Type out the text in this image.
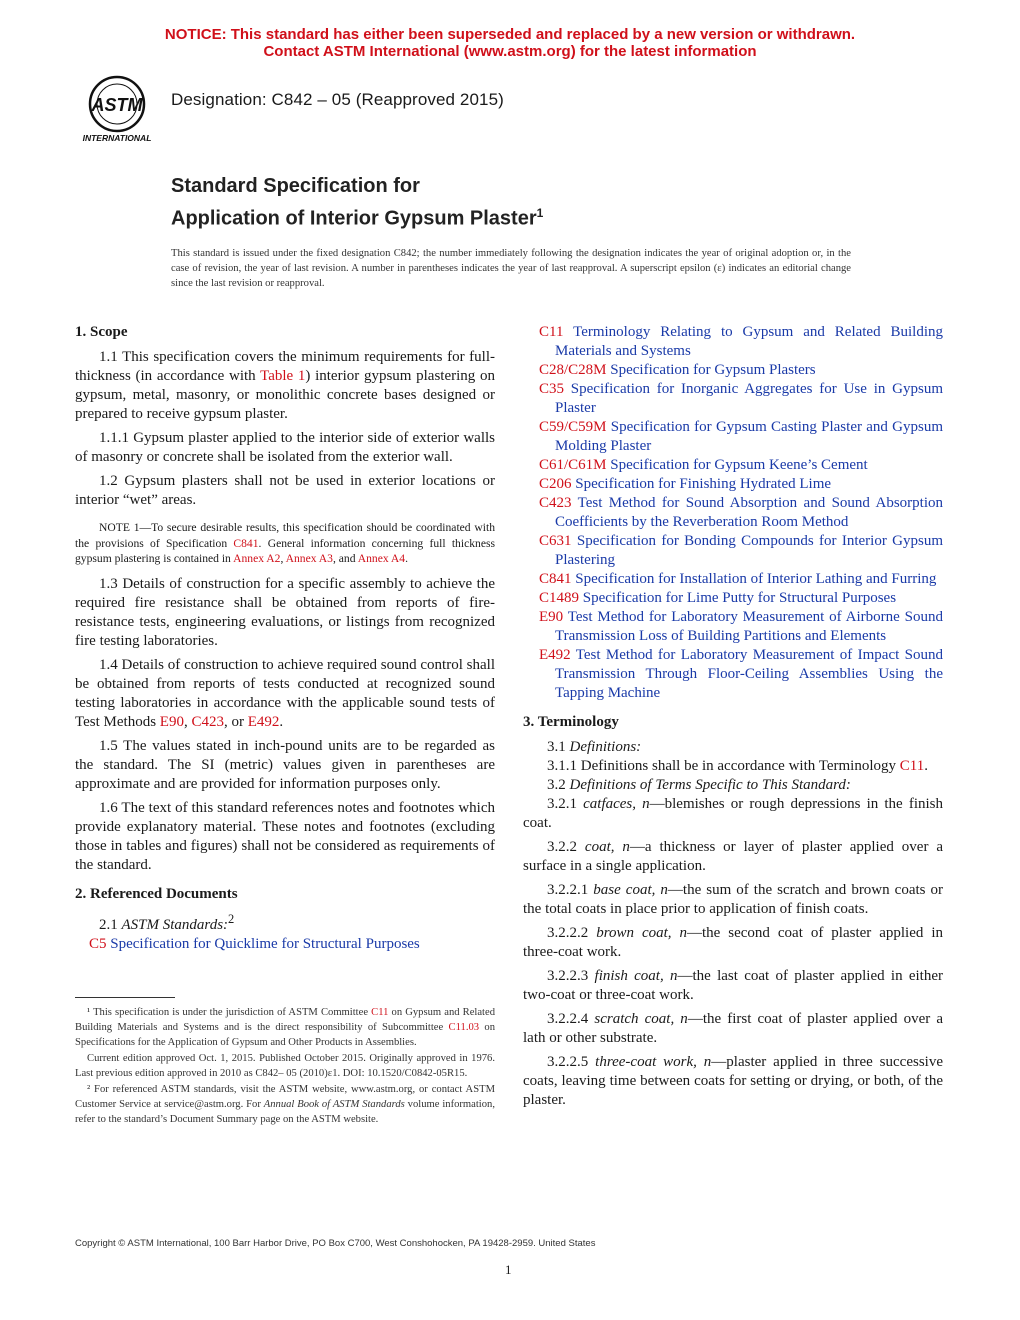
NOTICE: This standard has either been superseded and replaced by a new version or withdrawn.
Contact ASTM International (www.astm.org) for the latest information
ASTM
INTERNATIONAL
Designation: C842 – 05 (Reapproved 2015)
Standard Specification for
Application of Interior Gypsum Plaster$^1$
This standard is issued under the fixed designation C842; the number immediately following the designation indicates the year of original adoption or, in the case of revision, the year of last revision. A number in parentheses indicates the year of last reapproval. A superscript epsilon (ε) indicates an editorial change since the last revision or reapproval.

1. Scope

1.1 This specification covers the minimum requirements for full-thickness (in accordance with Table 1) interior gypsum plastering on gypsum, metal, masonry, or monolithic concrete bases designed or prepared to receive gypsum plaster.

1.1.1 Gypsum plaster applied to the interior side of exterior walls of masonry or concrete shall be isolated from the exterior wall.

1.2 Gypsum plasters shall not be used in exterior locations or interior “wet” areas.

NOTE 1—To secure desirable results, this specification should be coordinated with the provisions of Specification C841. General information concerning full thickness gypsum plastering is contained in Annex A2, Annex A3, and Annex A4.

1.3 Details of construction for a specific assembly to achieve the required fire resistance shall be obtained from reports of fire-resistance tests, engineering evaluations, or listings from recognized fire testing laboratories.

1.4 Details of construction to achieve required sound control shall be obtained from reports of tests conducted at recognized sound testing laboratories in accordance with the applicable sound tests of Test Methods E90, C423, or E492.

1.5 The values stated in inch-pound units are to be regarded as the standard. The SI (metric) values given in parentheses are approximate and are provided for information purposes only.

1.6 The text of this standard references notes and footnotes which provide explanatory material. These notes and footnotes (excluding those in tables and figures) shall not be considered as requirements of the standard.

2. Referenced Documents

2.1 ASTM Standards:$^2$

C5 Specification for Quicklime for Structural Purposes

C11 Terminology Relating to Gypsum and Related Building Materials and Systems

C28/C28M Specification for Gypsum Plasters

C35 Specification for Inorganic Aggregates for Use in Gypsum Plaster

C59/C59M Specification for Gypsum Casting Plaster and Gypsum Molding Plaster

C61/C61M Specification for Gypsum Keene’s Cement

C206 Specification for Finishing Hydrated Lime

C423 Test Method for Sound Absorption and Sound Absorption Coefficients by the Reverberation Room Method

C631 Specification for Bonding Compounds for Interior Gypsum Plastering

C841 Specification for Installation of Interior Lathing and Furring

C1489 Specification for Lime Putty for Structural Purposes

E90 Test Method for Laboratory Measurement of Airborne Sound Transmission Loss of Building Partitions and Elements

E492 Test Method for Laboratory Measurement of Impact Sound Transmission Through Floor-Ceiling Assemblies Using the Tapping Machine

3. Terminology

3.1 Definitions:

3.1.1 Definitions shall be in accordance with Terminology C11.

3.2 Definitions of Terms Specific to This Standard:

3.2.1 catfaces, n—blemishes or rough depressions in the finish coat.

3.2.2 coat, n—a thickness or layer of plaster applied over a surface in a single application.

3.2.2.1 base coat, n—the sum of the scratch and brown coats or the total coats in place prior to application of finish coats.

3.2.2.2 brown coat, n—the second coat of plaster applied in three-coat work.

3.2.2.3 finish coat, n—the last coat of plaster applied in either two-coat or three-coat work.

3.2.2.4 scratch coat, n—the first coat of plaster applied over a lath or other substrate.

3.2.2.5 three-coat work, n—plaster applied in three successive coats, leaving time between coats for setting or drying, or both, of the plaster.

¹ This specification is under the jurisdiction of ASTM Committee C11 on Gypsum and Related Building Materials and Systems and is the direct responsibility of Subcommittee C11.03 on Specifications for the Application of Gypsum and Other Products in Assemblies.

Current edition approved Oct. 1, 2015. Published October 2015. Originally approved in 1976. Last previous edition approved in 2010 as C842– 05 (2010)ε1. DOI: 10.1520/C0842-05R15.

² For referenced ASTM standards, visit the ASTM website, www.astm.org, or contact ASTM Customer Service at service@astm.org. For Annual Book of ASTM Standards volume information, refer to the standard’s Document Summary page on the ASTM website.

Copyright © ASTM International, 100 Barr Harbor Drive, PO Box C700, West Conshohocken, PA 19428-2959. United States
1
